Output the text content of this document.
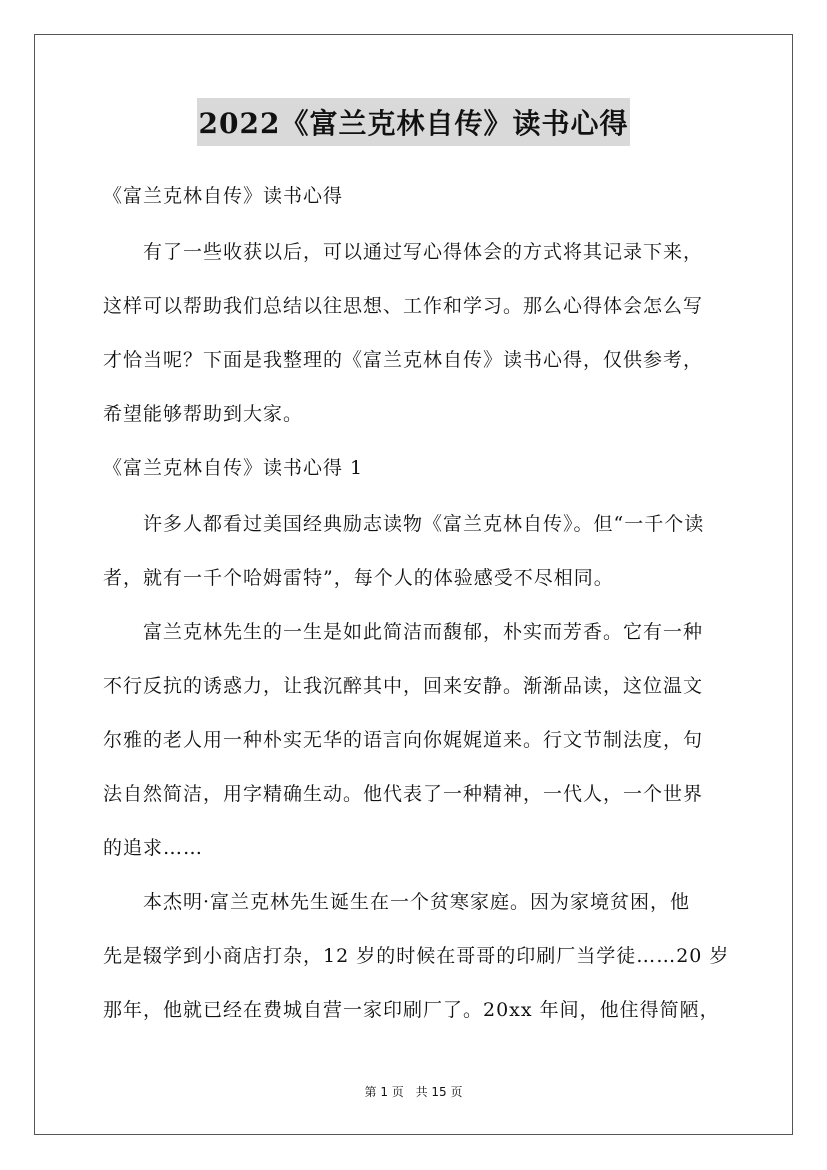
2022《富兰克林自传》读书心得
《富兰克林自传》读书心得
有了一些收获以后，可以通过写心得体会的方式将其记录下来，
这样可以帮助我们总结以往思想、工作和学习。那么心得体会怎么写
才恰当呢？下面是我整理的《富兰克林自传》读书心得，仅供参考，
希望能够帮助到大家。
《富兰克林自传》读书心得 1
许多人都看过美国经典励志读物《富兰克林自传》。但“一千个读
者，就有一千个哈姆雷特”，每个人的体验感受不尽相同。
富兰克林先生的一生是如此简洁而馥郁，朴实而芳香。它有一种
不行反抗的诱惑力，让我沉醉其中，回来安静。渐渐品读，这位温文
尔雅的老人用一种朴实无华的语言向你娓娓道来。行文节制法度，句
法自然简洁，用字精确生动。他代表了一种精神，一代人，一个世界
的追求……
本杰明·富兰克林先生诞生在一个贫寒家庭。因为家境贫困，他
先是辍学到小商店打杂，12 岁的时候在哥哥的印刷厂当学徒……20 岁
那年，他就已经在费城自营一家印刷厂了。20xx 年间，他住得简陋，
第 1 页 共 15 页
